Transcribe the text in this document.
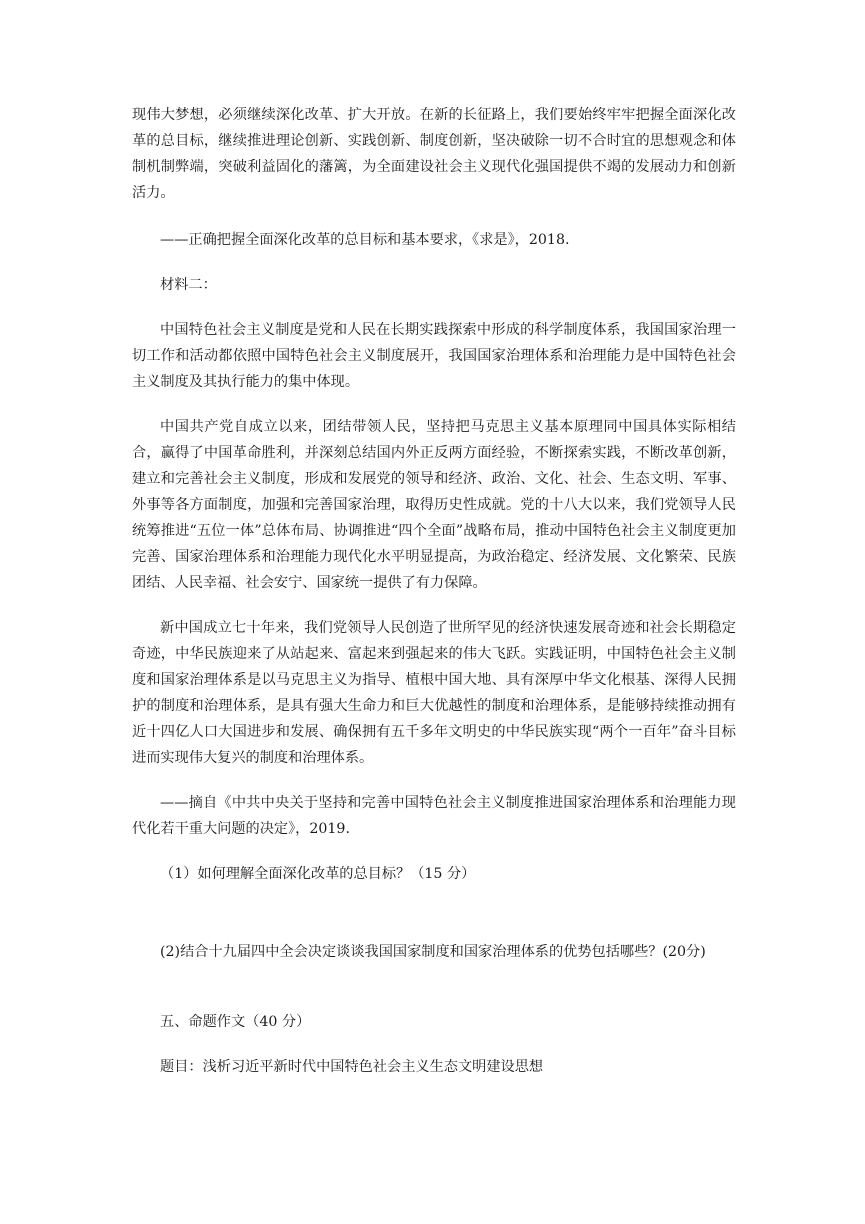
现伟大梦想，必须继续深化改革、扩大开放。在新的长征路上，我们要始终牢牢把握全面深化改革的总目标，继续推进理论创新、实践创新、制度创新，坚决破除一切不合时宜的思想观念和体制机制弊端，突破利益固化的藩篱，为全面建设社会主义现代化强国提供不竭的发展动力和创新活力。

——正确把握全面深化改革的总目标和基本要求，《求是》，2018.

材料二：

中国特色社会主义制度是党和人民在长期实践探索中形成的科学制度体系，我国国家治理一切工作和活动都依照中国特色社会主义制度展开，我国国家治理体系和治理能力是中国特色社会主义制度及其执行能力的集中体现。

中国共产党自成立以来，团结带领人民，坚持把马克思主义基本原理同中国具体实际相结合，赢得了中国革命胜利，并深刻总结国内外正反两方面经验，不断探索实践，不断改革创新，建立和完善社会主义制度，形成和发展党的领导和经济、政治、文化、社会、生态文明、军事、外事等各方面制度，加强和完善国家治理，取得历史性成就。党的十八大以来，我们党领导人民统筹推进“五位一体”总体布局、协调推进“四个全面”战略布局，推动中国特色社会主义制度更加完善、国家治理体系和治理能力现代化水平明显提高，为政治稳定、经济发展、文化繁荣、民族团结、人民幸福、社会安宁、国家统一提供了有力保障。

新中国成立七十年来，我们党领导人民创造了世所罕见的经济快速发展奇迹和社会长期稳定奇迹，中华民族迎来了从站起来、富起来到强起来的伟大飞跃。实践证明，中国特色社会主义制度和国家治理体系是以马克思主义为指导、植根中国大地、具有深厚中华文化根基、深得人民拥护的制度和治理体系，是具有强大生命力和巨大优越性的制度和治理体系，是能够持续推动拥有近十四亿人口大国进步和发展、确保拥有五千多年文明史的中华民族实现“两个一百年”奋斗目标进而实现伟大复兴的制度和治理体系。

——摘自《中共中央关于坚持和完善中国特色社会主义制度推进国家治理体系和治理能力现代化若干重大问题的决定》，2019.

（1）如何理解全面深化改革的总目标？（15 分）

(2)结合十九届四中全会决定谈谈我国国家制度和国家治理体系的优势包括哪些？(20分)

五、命题作文（40 分）

题目：浅析习近平新时代中国特色社会主义生态文明建设思想
